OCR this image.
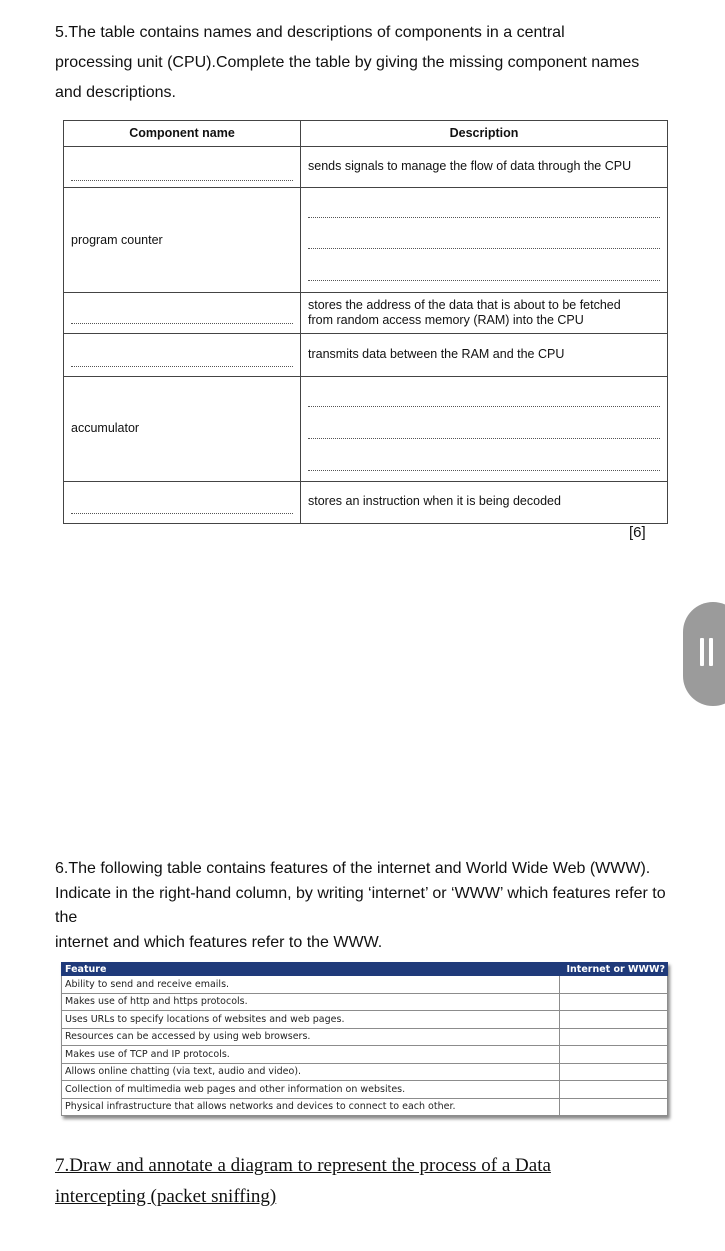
5.The table contains names and descriptions of components in a central

processing unit (CPU).Complete the table by giving the missing component names

and descriptions.

Component name	Description

	sends signals to manage the flow of data through the CPU

program counter	

	stores the address of the data that is about to be fetched
from random access memory (RAM) into the CPU

	transmits data between the RAM and the CPU

accumulator	

	stores an instruction when it is being decoded
[6]

6.The following table contains features of the internet and World Wide Web (WWW).

Indicate in the right-hand column, by writing ‘internet’ or ‘WWW’ which features refer to

the

internet and which features refer to the WWW.

Feature	Internet or WWW?
Ability to send and receive emails.	
Makes use of http and https protocols.	
Uses URLs to specify locations of websites and web pages.	
Resources can be accessed by using web browsers.	
Makes use of TCP and IP protocols.	
Allows online chatting (via text, audio and video).	
Collection of multimedia web pages and other information on websites.	
Physical infrastructure that allows networks and devices to connect to each other.	

7.Draw and annotate a diagram to represent the process of a Data

intercepting (packet sniffing)
